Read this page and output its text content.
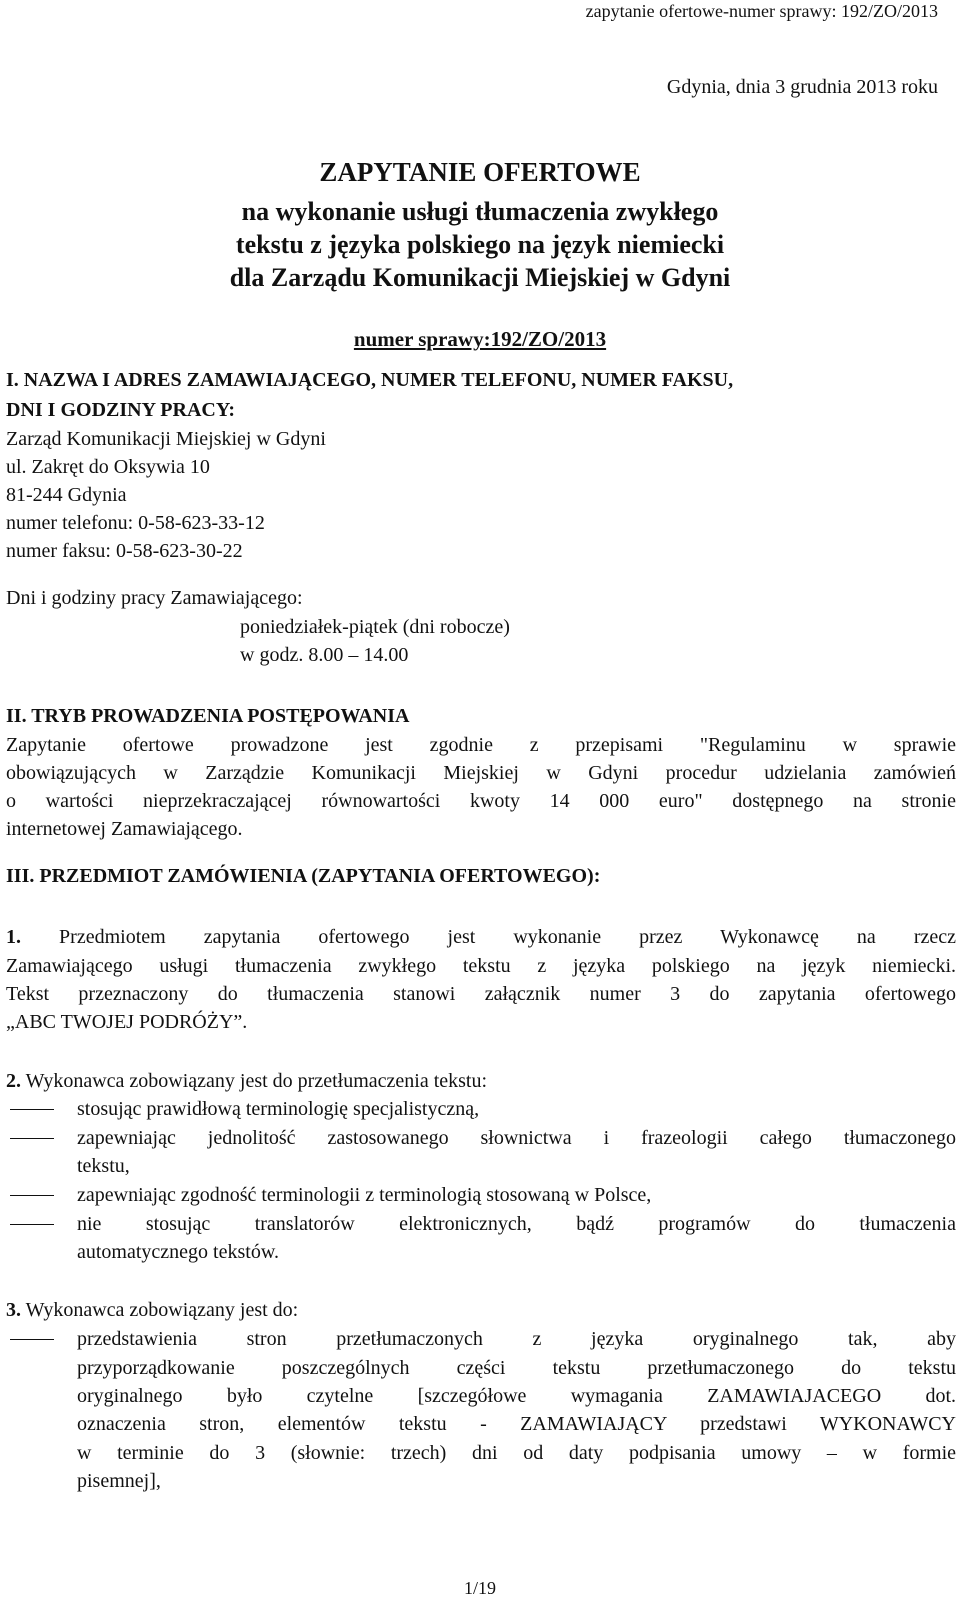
zapytanie ofertowe-numer sprawy: 192/ZO/2013
Gdynia, dnia 3 grudnia 2013 roku
ZAPYTANIE OFERTOWE
na wykonanie usługi tłumaczenia zwykłego
tekstu z języka polskiego na język niemiecki
dla Zarządu Komunikacji Miejskiej w Gdyni
numer sprawy:192/ZO/2013
I. NAZWA I ADRES ZAMAWIAJĄCEGO, NUMER TELEFONU, NUMER FAKSU,
DNI I GODZINY PRACY:
Zarząd Komunikacji Miejskiej w Gdyni
ul. Zakręt do Oksywia 10
81-244 Gdynia
numer telefonu: 0-58-623-33-12
numer faksu: 0-58-623-30-22
Dni i godziny pracy Zamawiającego:
poniedziałek-piątek (dni robocze)
w godz. 8.00 – 14.00
II. TRYB PROWADZENIA POSTĘPOWANIA
Zapytanie ofertowe prowadzone jest zgodnie z przepisami "Regulaminu w sprawie
obowiązujących w Zarządzie Komunikacji Miejskiej w Gdyni procedur udzielania zamówień
o wartości nieprzekraczającej równowartości kwoty 14 000 euro" dostępnego na stronie
internetowej Zamawiającego.
III. PRZEDMIOT ZAMÓWIENIA (ZAPYTANIA OFERTOWEGO):
1. Przedmiotem zapytania ofertowego jest wykonanie przez Wykonawcę na rzecz
Zamawiającego usługi tłumaczenia zwykłego tekstu z języka polskiego na język niemiecki.
Tekst przeznaczony do tłumaczenia stanowi załącznik numer 3 do zapytania ofertowego
„ABC TWOJEJ PODRÓŻY”.
2. Wykonawca zobowiązany jest do przetłumaczenia tekstu:
stosując prawidłową terminologię specjalistyczną,
zapewniając jednolitość zastosowanego słownictwa i frazeologii całego tłumaczonego
tekstu,
zapewniając zgodność terminologii z terminologią stosowaną w Polsce,
nie stosując translatorów elektronicznych, bądź programów do tłumaczenia
automatycznego tekstów.
3. Wykonawca zobowiązany jest do:
przedstawienia stron przetłumaczonych z języka oryginalnego tak, aby
przyporządkowanie poszczególnych części tekstu przetłumaczonego do tekstu
oryginalnego było czytelne [szczegółowe wymagania ZAMAWIAJACEGO dot.
oznaczenia stron, elementów tekstu - ZAMAWIAJĄCY przedstawi WYKONAWCY
w terminie do 3 (słownie: trzech) dni od daty podpisania umowy – w formie
pisemnej],
1/19
